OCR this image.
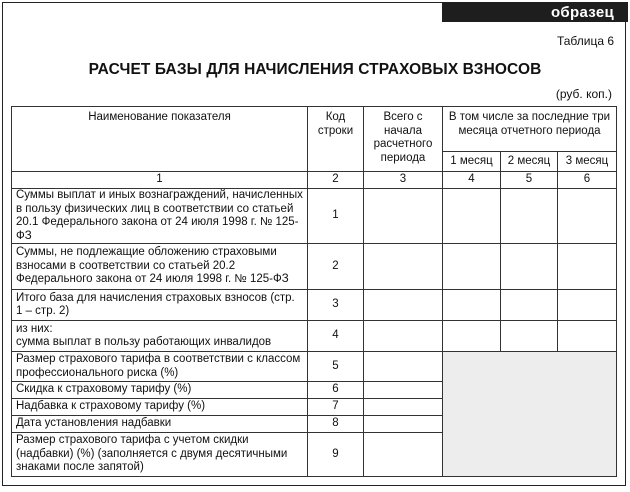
образец
Таблица 6
РАСЧЕТ БАЗЫ ДЛЯ НАЧИСЛЕНИЯ СТРАХОВЫХ ВЗНОСОВ
(руб. коп.)
Наименование показателя	Код строки	Всего с начала расчетного периода	В том числе за последние три месяца отчетного периода		
			1 месяц	2 месяц	3 месяц
1	2	3	4	5	6
Суммы выплат и иных вознаграждений, начисленных в пользу физических лиц в соответствии со статьей 20.1 Федерального закона от 24 июля 1998 г. № 125-ФЗ	1				
Суммы, не подлежащие обложению страховыми взносами в соответствии со статьей 20.2 Федерального закона от 24 июля 1998 г. № 125-ФЗ	2				
Итого база для начисления страховых взносов (стр. 1 – стр. 2)	3				

из них:
сумма выплат в пользу работающих инвалидов	4				
Размер страхового тарифа в соответствии с классом профессионального риска (%)	5				
Скидка к страховому тарифу (%)	6				
Надбавка к страховому тарифу (%)	7				
Дата установления надбавки	8				
Размер страхового тарифа с учетом скидки (надбавки) (%) (заполняется с двумя десятичными знаками после запятой)	9				
